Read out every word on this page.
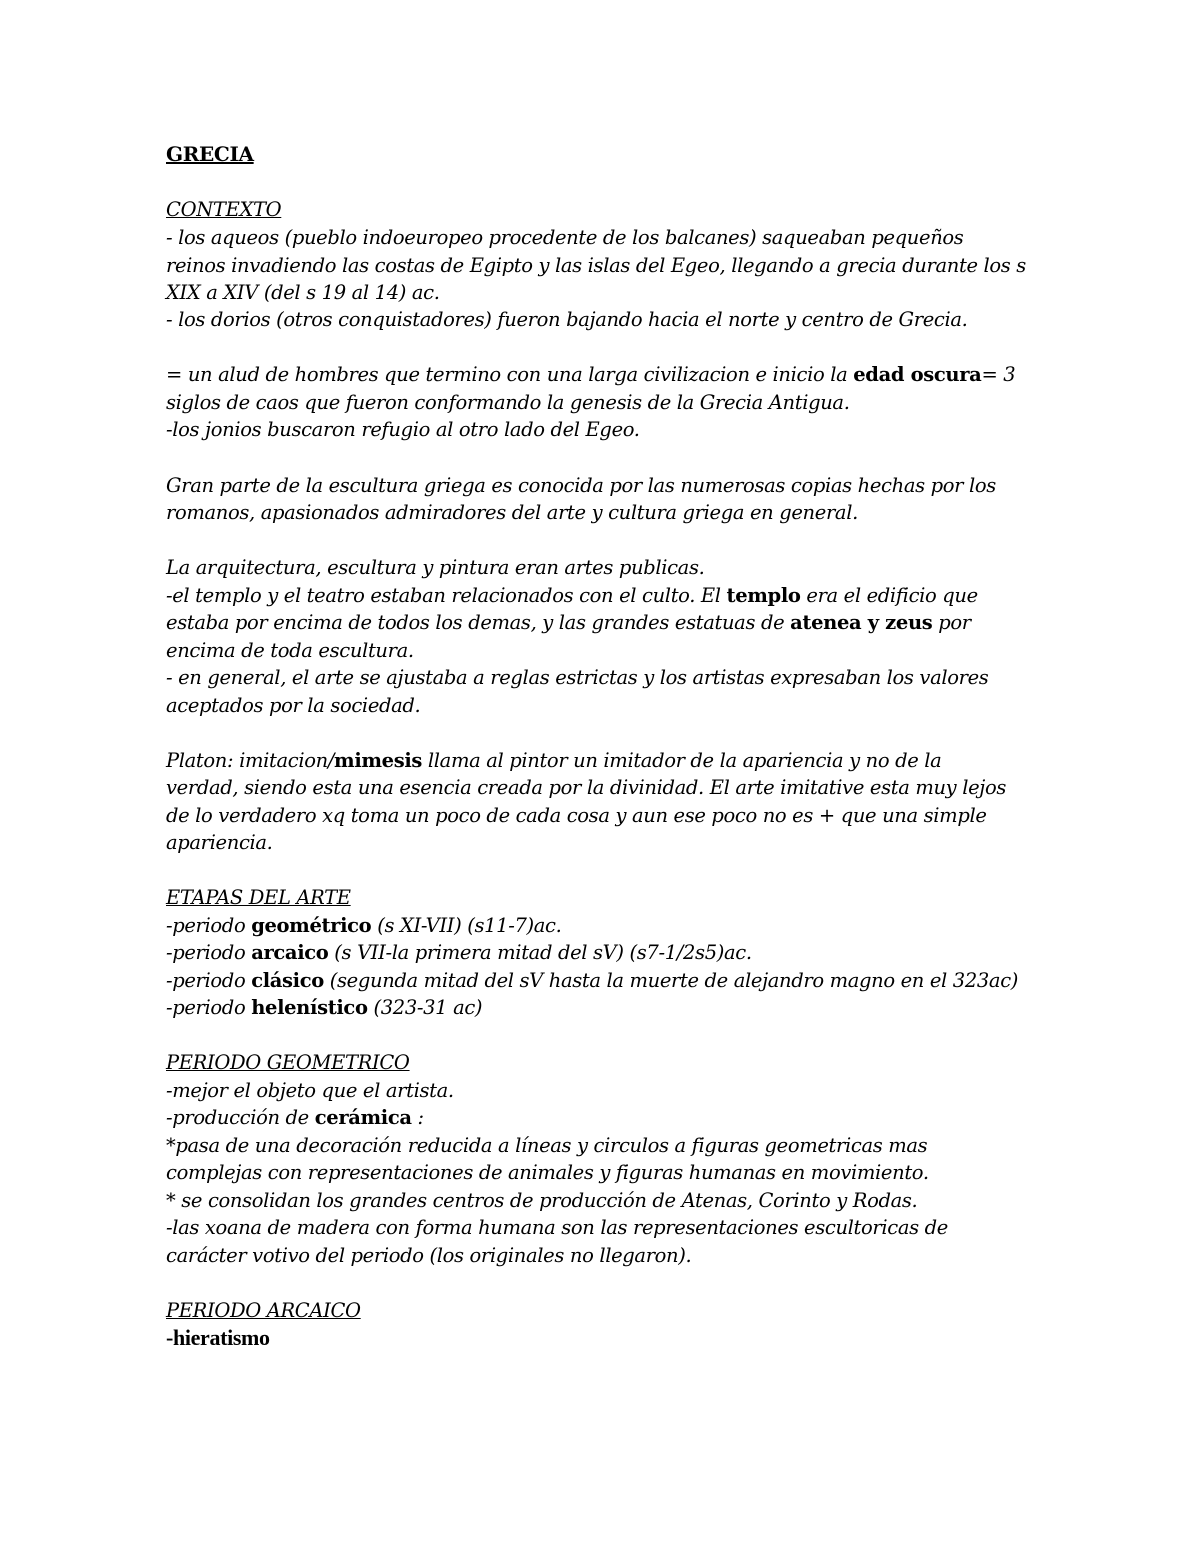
GRECIA
CONTEXTO
- los aqueos (pueblo indoeuropeo procedente de los balcanes) saqueaban pequeños
reinos invadiendo las costas de Egipto y las islas del Egeo, llegando a grecia durante los s
XIX a XIV (del s 19 al 14) ac.
- los dorios (otros conquistadores) fueron bajando hacia el norte y centro de Grecia.
= un alud de hombres que termino con una larga civilizacion e inicio la edad oscura= 3
siglos de caos que fueron conformando la genesis de la Grecia Antigua.
-los jonios buscaron refugio al otro lado del Egeo.
Gran parte de la escultura griega es conocida por las numerosas copias hechas por los
romanos, apasionados admiradores del arte y cultura griega en general.
La arquitectura, escultura y pintura eran artes publicas.
-el templo y el teatro estaban relacionados con el culto. El templo era el edificio que
estaba por encima de todos los demas, y las grandes estatuas de atenea y zeus por
encima de toda escultura.
- en general, el arte se ajustaba a reglas estrictas y los artistas expresaban los valores
aceptados por la sociedad.
Platon: imitacion/mimesis llama al pintor un imitador de la apariencia y no de la
verdad, siendo esta una esencia creada por la divinidad. El arte imitative esta muy lejos
de lo verdadero xq toma un poco de cada cosa y aun ese poco no es + que una simple
apariencia.
ETAPAS DEL ARTE
-periodo geométrico (s XI-VII) (s11-7)ac.
-periodo arcaico (s VII-la primera mitad del sV) (s7-1/2s5)ac.
-periodo clásico (segunda mitad del sV hasta la muerte de alejandro magno en el 323ac)
-periodo helenístico (323-31 ac)
PERIODO GEOMETRICO
-mejor el objeto que el artista.
-producción de cerámica :
*pasa de una decoración reducida a líneas y circulos a figuras geometricas mas
complejas con representaciones de animales y figuras humanas en movimiento.
* se consolidan los grandes centros de producción de Atenas, Corinto y Rodas.
-las xoana de madera con forma humana son las representaciones escultoricas de
carácter votivo del periodo (los originales no llegaron).
PERIODO ARCAICO
-hieratismo
